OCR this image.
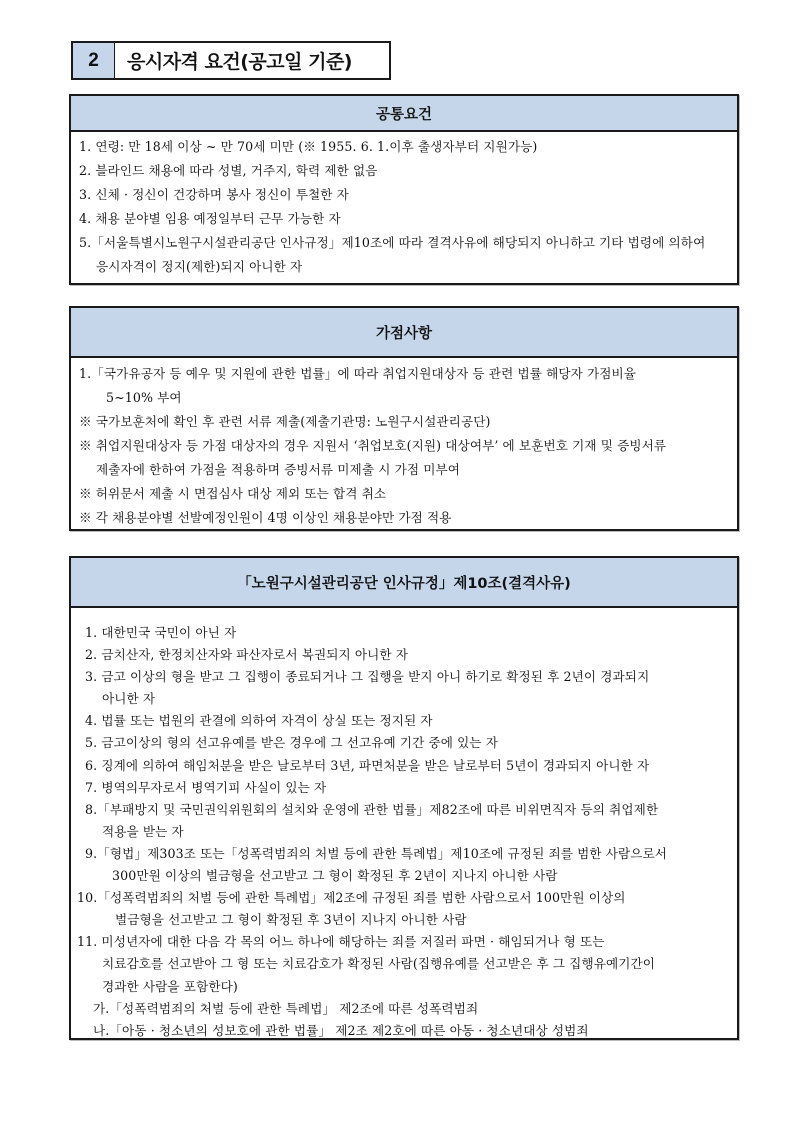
2	응시자격 요건(공고일 기준)
공통요건
1. 연령: 만 18세 이상 ~ 만 70세 미만 (※ 1955. 6. 1.이후 출생자부터 지원가능)
2. 블라인드 채용에 따라 성별, 거주지, 학력 제한 없음
3. 신체 · 정신이 건강하며 봉사 정신이 투철한 자
4. 채용 분야별 임용 예정일부터 근무 가능한 자
5.「서울특별시노원구시설관리공단 인사규정」제10조에 따라 결격사유에 해당되지 아니하고 기타 법령에 의하여
응시자격이 정지(제한)되지 아니한 자
가점사항
1.「국가유공자 등 예우 및 지원에 관한 법률」에 따라 취업지원대상자 등 관련 법률 해당자 가점비율
5~10% 부여
※ 국가보훈처에 확인 후 관련 서류 제출(제출기관명: 노원구시설관리공단)
※ 취업지원대상자 등 가점 대상자의 경우 지원서 ‘취업보호(지원) 대상여부’ 에 보훈번호 기재 및 증빙서류
제출자에 한하여 가점을 적용하며 증빙서류 미제출 시 가점 미부여
※ 허위문서 제출 시 면접심사 대상 제외 또는 합격 취소
※ 각 채용분야별 선발예정인원이 4명 이상인 채용분야만 가점 적용
「노원구시설관리공단 인사규정」제10조(결격사유)
1. 대한민국 국민이 아닌 자
2. 금치산자, 한정치산자와 파산자로서 복권되지 아니한 자
3. 금고 이상의 형을 받고 그 집행이 종료되거나 그 집행을 받지 아니 하기로 확정된 후 2년이 경과되지
아니한 자
4. 법률 또는 법원의 관결에 의하여 자격이 상실 또는 정지된 자
5. 금고이상의 형의 선고유예를 받은 경우에 그 선고유예 기간 중에 있는 자
6. 징계에 의하여 해임처분을 받은 날로부터 3년, 파면처분을 받은 날로부터 5년이 경과되지 아니한 자
7. 병역의무자로서 병역기피 사실이 있는 자
8.「부패방지 및 국민권익위원회의 설치와 운영에 관한 법률」제82조에 따른 비위면직자 등의 취업제한
적용을 받는 자
9.「형법」제303조 또는「성폭력범죄의 처벌 등에 관한 특례법」제10조에 규정된 죄를 범한 사람으로서
300만원 이상의 벌금형을 선고받고 그 형이 확정된 후 2년이 지나지 아니한 사람
10.「성폭력범죄의 처벌 등에 관한 특례법」제2조에 규정된 죄를 범한 사람으로서 100만원 이상의
벌금형을 선고받고 그 형이 확정된 후 3년이 지나지 아니한 사람
11. 미성년자에 대한 다음 각 목의 어느 하나에 해당하는 죄를 저질러 파면 · 해임되거나 형 또는
치료감호를 선고받아 그 형 또는 치료감호가 확정된 사람(집행유예를 선고받은 후 그 집행유예기간이
경과한 사람을 포함한다)
가.「성폭력범죄의 처벌 등에 관한 특례법」 제2조에 따른 성폭력범죄
나.「아동 · 청소년의 성보호에 관한 법률」 제2조 제2호에 따른 아동 · 청소년대상 성범죄
